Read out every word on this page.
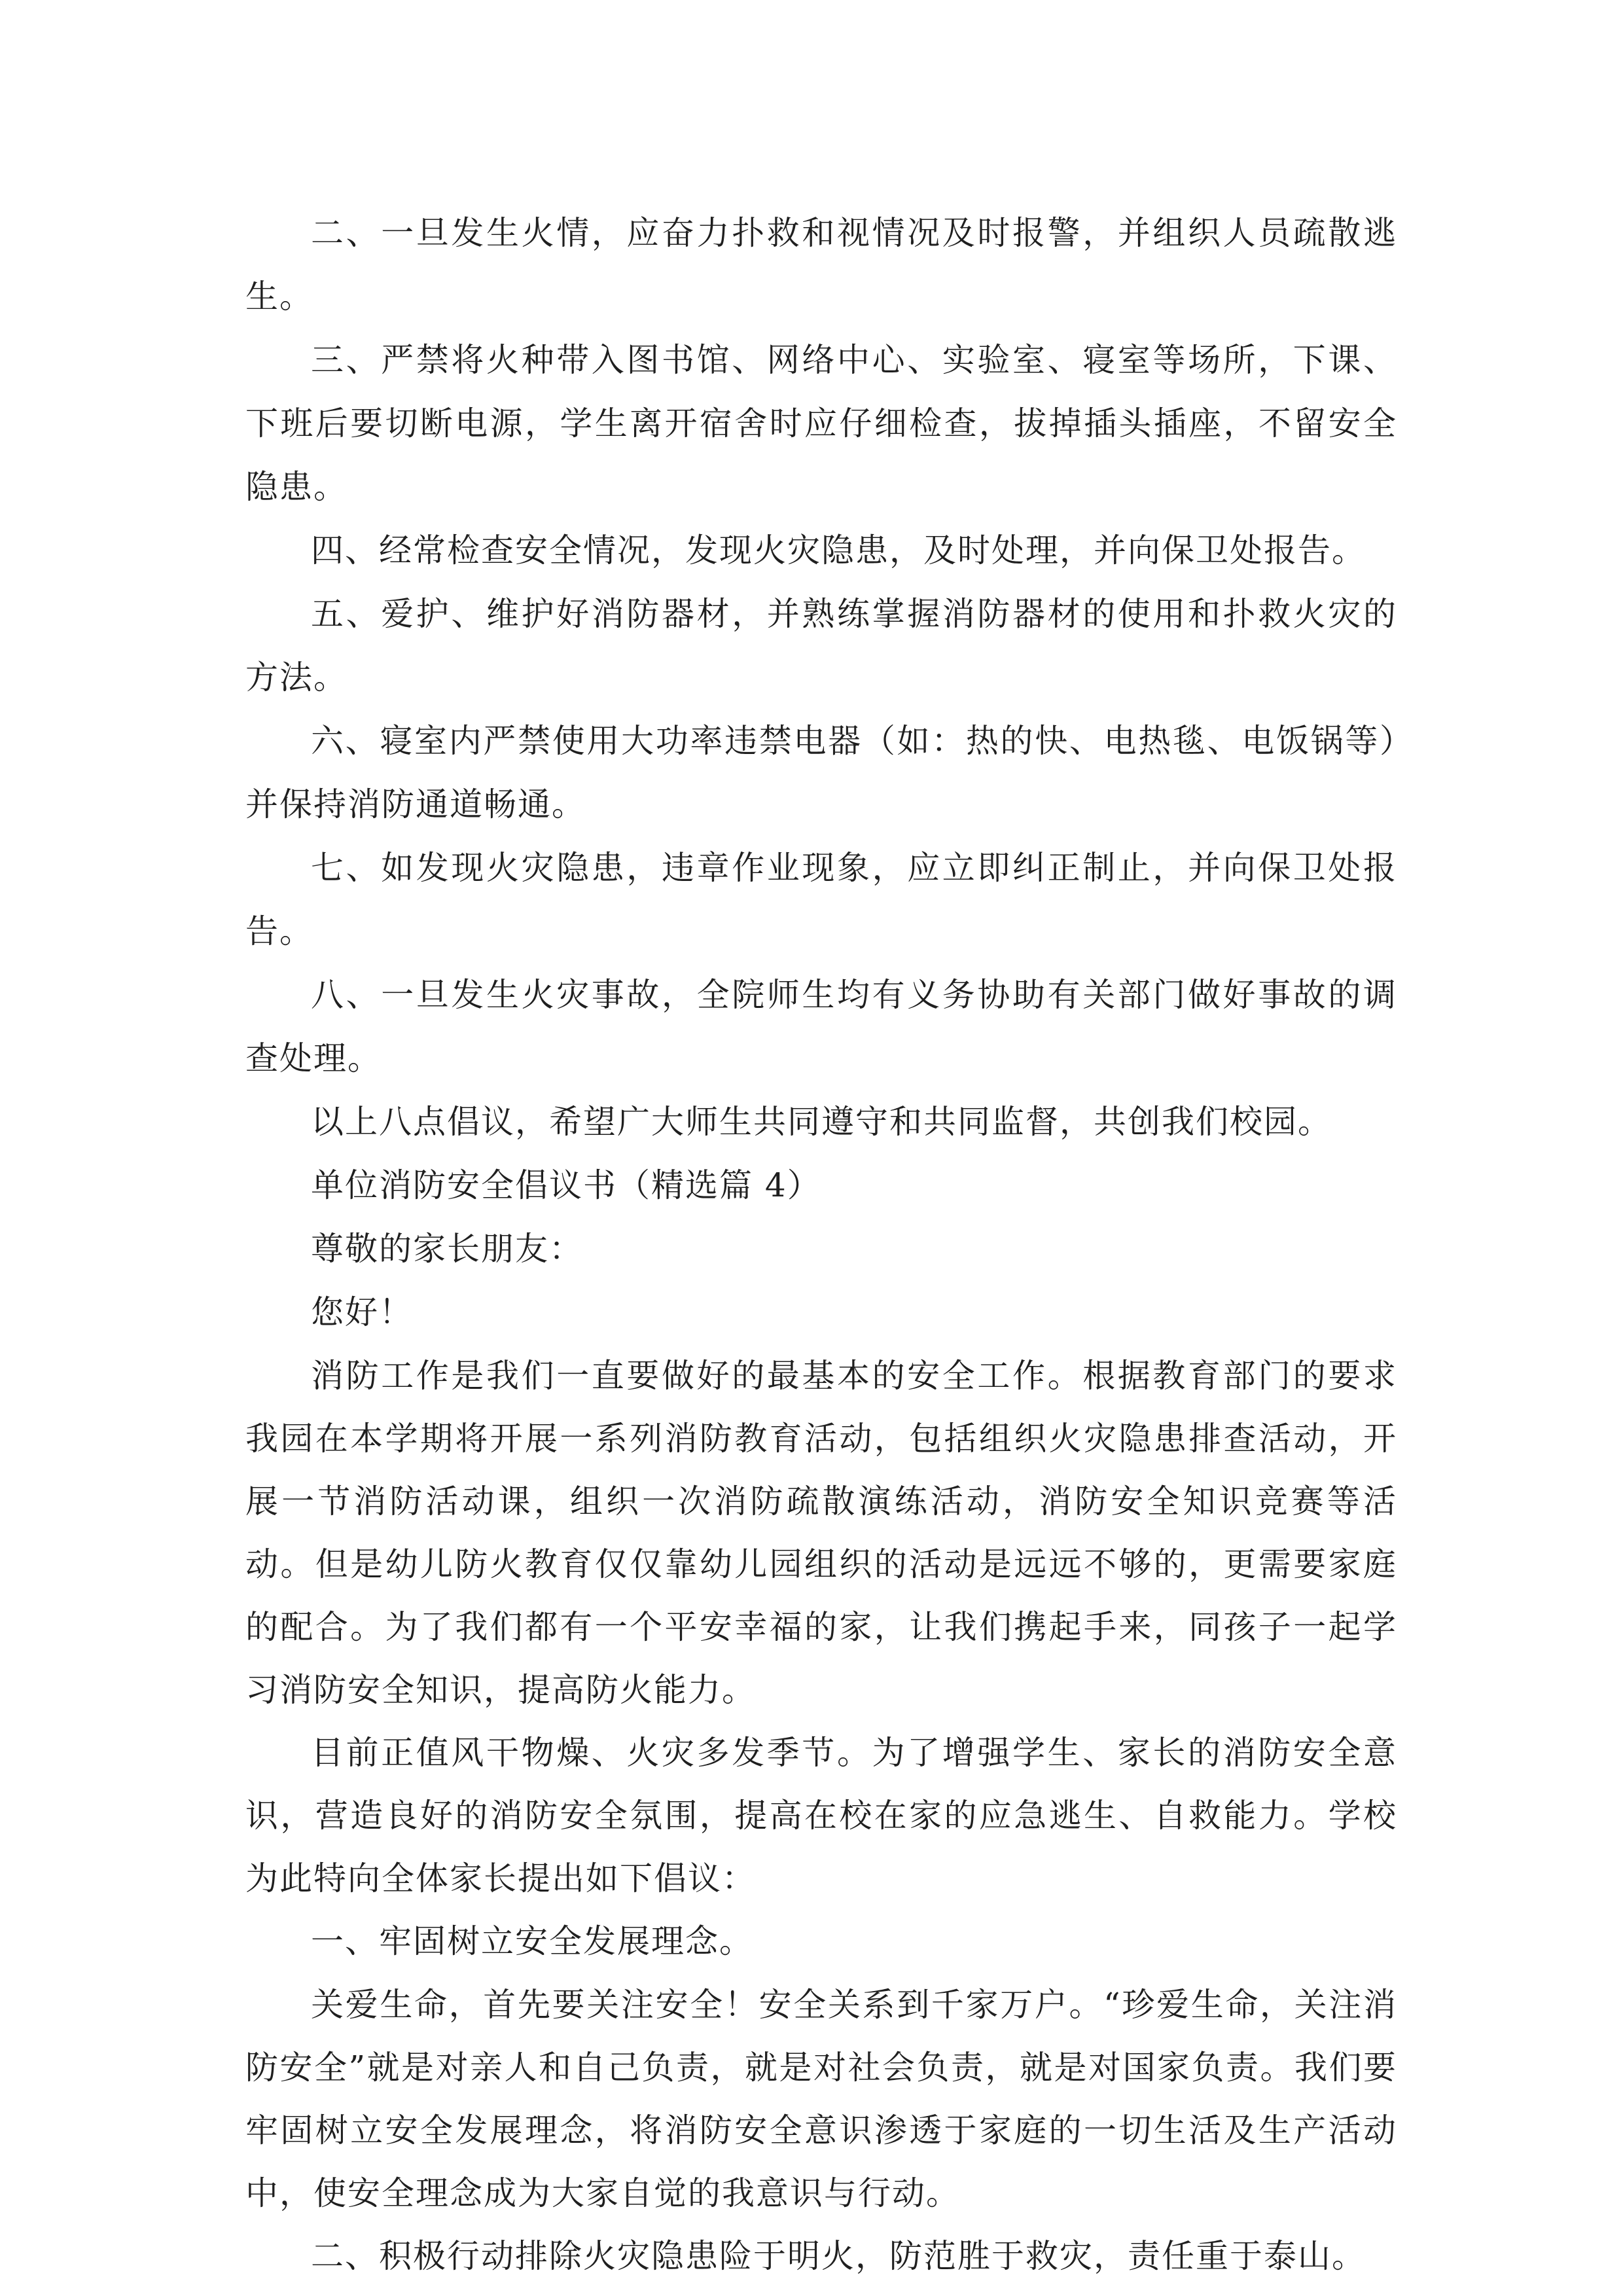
二、一旦发生火情，应奋力扑救和视情况及时报警，并组织人员疏散逃生。

三、严禁将火种带入图书馆、网络中心、实验室、寝室等场所，下课、下班后要切断电源，学生离开宿舍时应仔细检查，拔掉插头插座，不留安全隐患。

四、经常检查安全情况，发现火灾隐患，及时处理，并向保卫处报告。

五、爱护、维护好消防器材，并熟练掌握消防器材的使用和扑救火灾的方法。

六、寝室内严禁使用大功率违禁电器（如：热的快、电热毯、电饭锅等）并保持消防通道畅通。

七、如发现火灾隐患，违章作业现象，应立即纠正制止，并向保卫处报告。

八、一旦发生火灾事故，全院师生均有义务协助有关部门做好事故的调查处理。

以上八点倡议，希望广大师生共同遵守和共同监督，共创我们校园。

单位消防安全倡议书（精选篇 4）

尊敬的家长朋友：

您好！

消防工作是我们一直要做好的最基本的安全工作。根据教育部门的要求我园在本学期将开展一系列消防教育活动，包括组织火灾隐患排查活动，开展一节消防活动课，组织一次消防疏散演练活动，消防安全知识竞赛等活动。但是幼儿防火教育仅仅靠幼儿园组织的活动是远远不够的，更需要家庭的配合。为了我们都有一个平安幸福的家，让我们携起手来，同孩子一起学习消防安全知识，提高防火能力。

目前正值风干物燥、火灾多发季节。为了增强学生、家长的消防安全意识，营造良好的消防安全氛围，提高在校在家的应急逃生、自救能力。学校为此特向全体家长提出如下倡议：

一、牢固树立安全发展理念。

关爱生命，首先要关注安全！安全关系到千家万户。“珍爱生命，关注消防安全”就是对亲人和自己负责，就是对社会负责，就是对国家负责。我们要牢固树立安全发展理念，将消防安全意识渗透于家庭的一切生活及生产活动中，使安全理念成为大家自觉的我意识与行动。

二、积极行动排除火灾隐患险于明火，防范胜于救灾，责任重于泰山。
